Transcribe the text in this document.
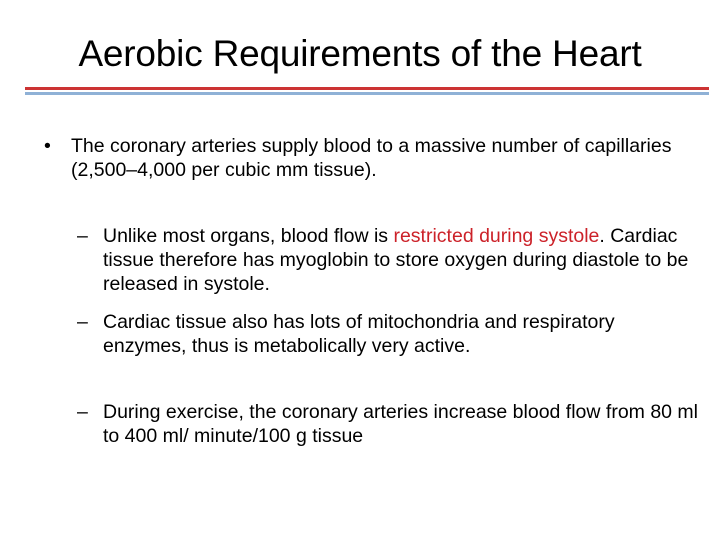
Aerobic Requirements of the Heart
• The coronary arteries supply blood to a massive number of capillaries (2,500–4,000 per cubic mm tissue).
– Unlike most organs, blood flow is restricted during systole. Cardiac tissue therefore has myoglobin to store oxygen during diastole to be released in systole.
– Cardiac tissue also has lots of mitochondria and respiratory enzymes, thus is metabolically very active.
– During exercise, the coronary arteries increase blood flow from 80 ml to 400 ml/ minute/100 g tissue
